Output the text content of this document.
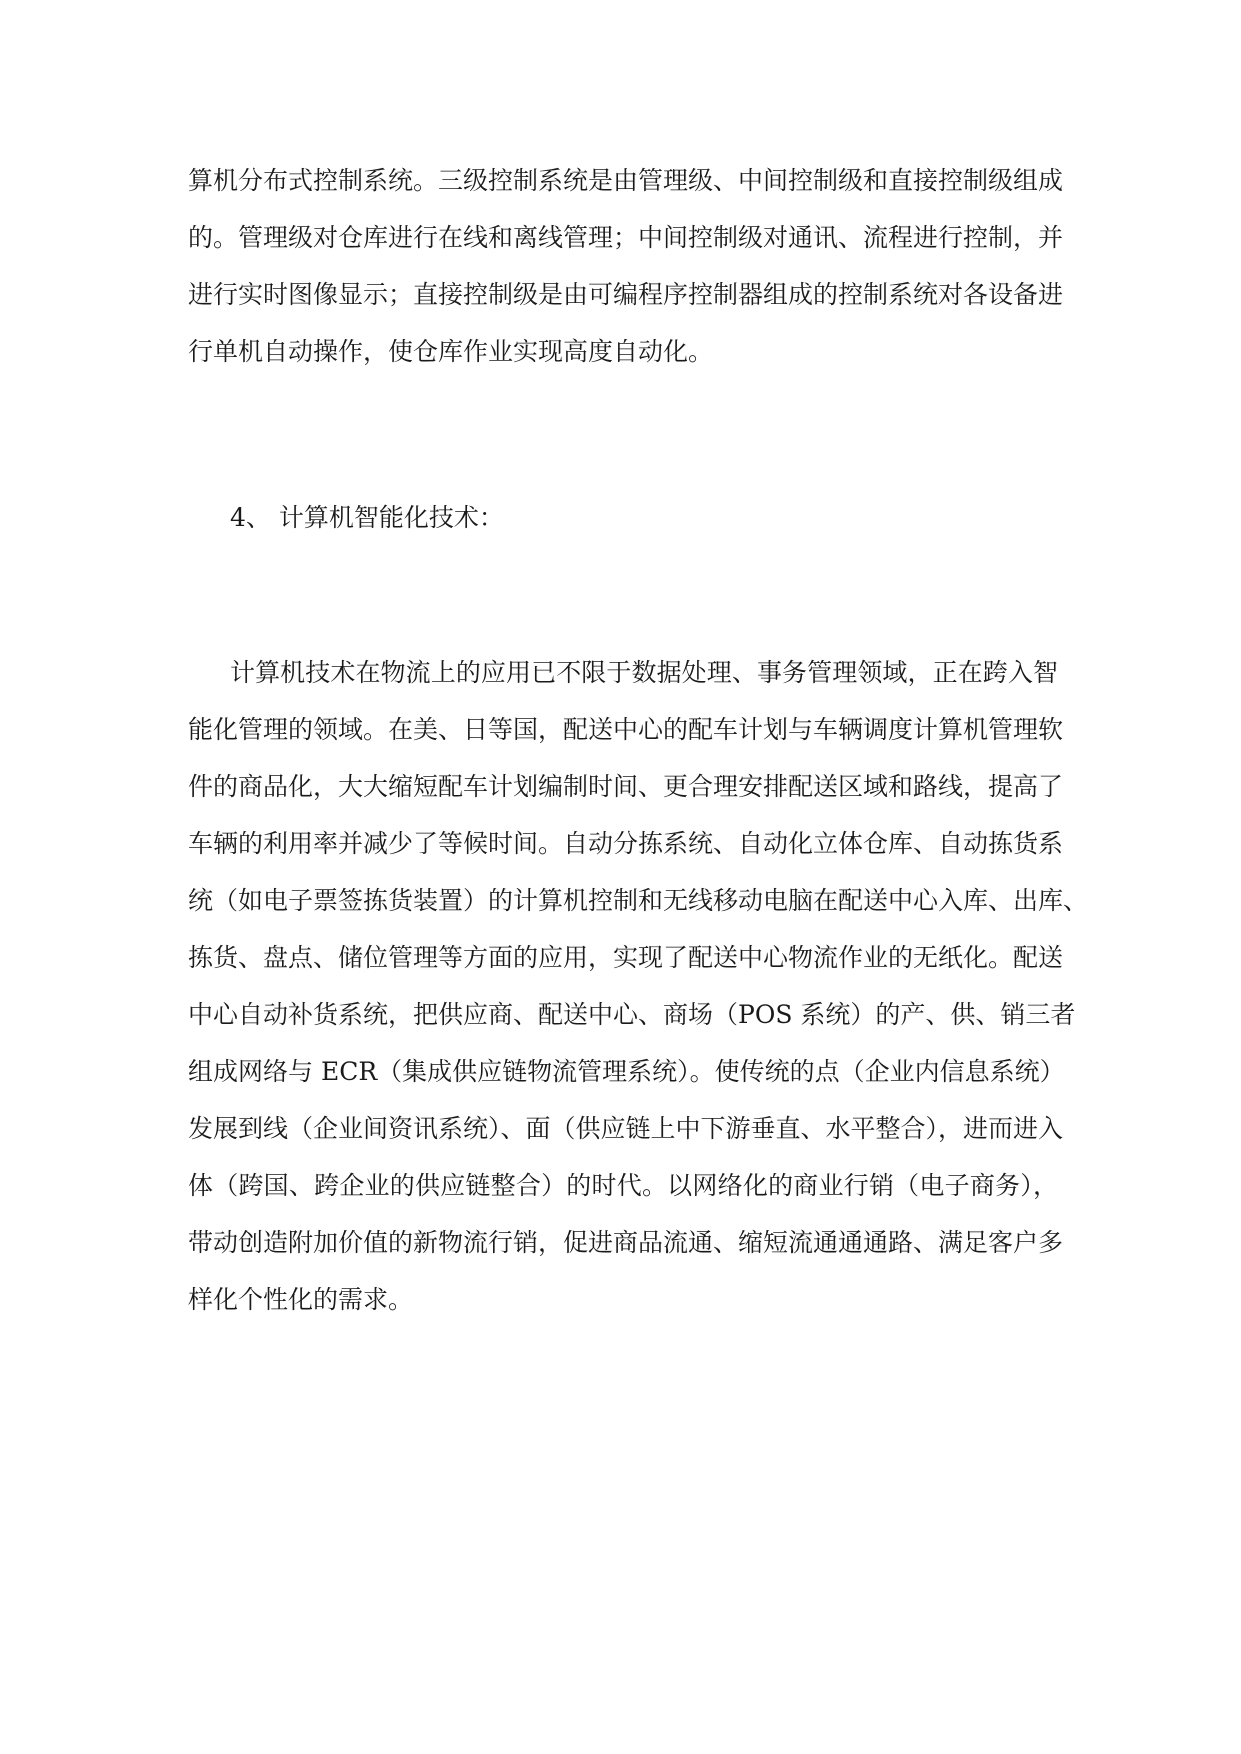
算机分布式控制系统。三级控制系统是由管理级、中间控制级和直接控制级组成

的。管理级对仓库进行在线和离线管理；中间控制级对通讯、流程进行控制，并

进行实时图像显示；直接控制级是由可编程序控制器组成的控制系统对各设备进

行单机自动操作，使仓库作业实现高度自动化。

4、 计算机智能化技术：

计算机技术在物流上的应用已不限于数据处理、事务管理领域，正在跨入智

能化管理的领域。在美、日等国，配送中心的配车计划与车辆调度计算机管理软

件的商品化，大大缩短配车计划编制时间、更合理安排配送区域和路线，提高了

车辆的利用率并减少了等候时间。自动分拣系统、自动化立体仓库、自动拣货系

统（如电子票签拣货装置）的计算机控制和无线移动电脑在配送中心入库、出库、

拣货、盘点、储位管理等方面的应用，实现了配送中心物流作业的无纸化。配送

中心自动补货系统，把供应商、配送中心、商场（POS 系统）的产、供、销三者

组成网络与 ECR（集成供应链物流管理系统）。使传统的点（企业内信息系统）

发展到线（企业间资讯系统）、面（供应链上中下游垂直、水平整合），进而进入

体（跨国、跨企业的供应链整合）的时代。以网络化的商业行销（电子商务），

带动创造附加价值的新物流行销，促进商品流通、缩短流通通通路、满足客户多

样化个性化的需求。
